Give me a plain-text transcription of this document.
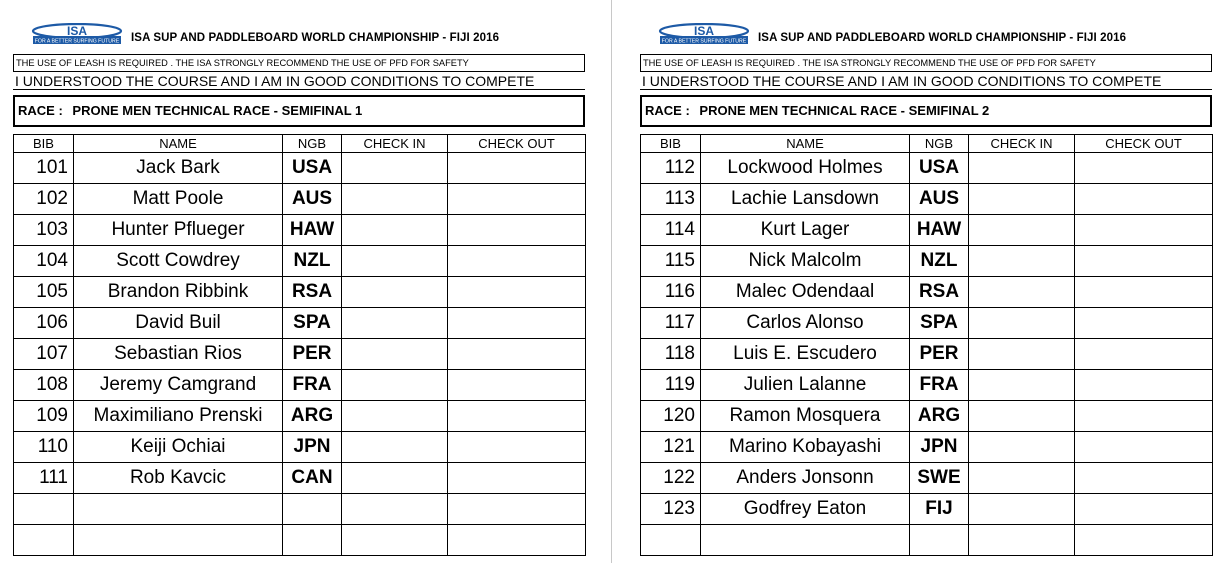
ISA
FOR A BETTER SURFING FUTURE ISA SUP AND PADDLEBOARD WORLD CHAMPIONSHIP - FIJI 2016
THE USE OF LEASH IS REQUIRED . THE ISA STRONGLY RECOMMEND THE USE OF PFD FOR SAFETY
I UNDERSTOOD THE COURSE AND I AM IN GOOD CONDITIONS TO COMPETE
RACE : PRONE MEN TECHNICAL RACE - SEMIFINAL 1
BIB	NAME	NGB	CHECK IN	CHECK OUT
101	Jack Bark	USA		
102	Matt Poole	AUS		
103	Hunter Pflueger	HAW		
104	Scott Cowdrey	NZL		
105	Brandon Ribbink	RSA		
106	David Buil	SPA		
107	Sebastian Rios	PER		
108	Jeremy Camgrand	FRA		
109	Maximiliano Prenski	ARG		
110	Keiji Ochiai	JPN		
111	Rob Kavcic	CAN		

ISA
FOR A BETTER SURFING FUTURE ISA SUP AND PADDLEBOARD WORLD CHAMPIONSHIP - FIJI 2016
THE USE OF LEASH IS REQUIRED . THE ISA STRONGLY RECOMMEND THE USE OF PFD FOR SAFETY
I UNDERSTOOD THE COURSE AND I AM IN GOOD CONDITIONS TO COMPETE
RACE : PRONE MEN TECHNICAL RACE - SEMIFINAL 2
BIB	NAME	NGB	CHECK IN	CHECK OUT
112	Lockwood Holmes	USA		
113	Lachie Lansdown	AUS		
114	Kurt Lager	HAW		
115	Nick Malcolm	NZL		
116	Malec Odendaal	RSA		
117	Carlos Alonso	SPA		
118	Luis E. Escudero	PER		
119	Julien Lalanne	FRA		
120	Ramon Mosquera	ARG		
121	Marino Kobayashi	JPN		
122	Anders Jonsonn	SWE		
123	Godfrey Eaton	FIJ		
